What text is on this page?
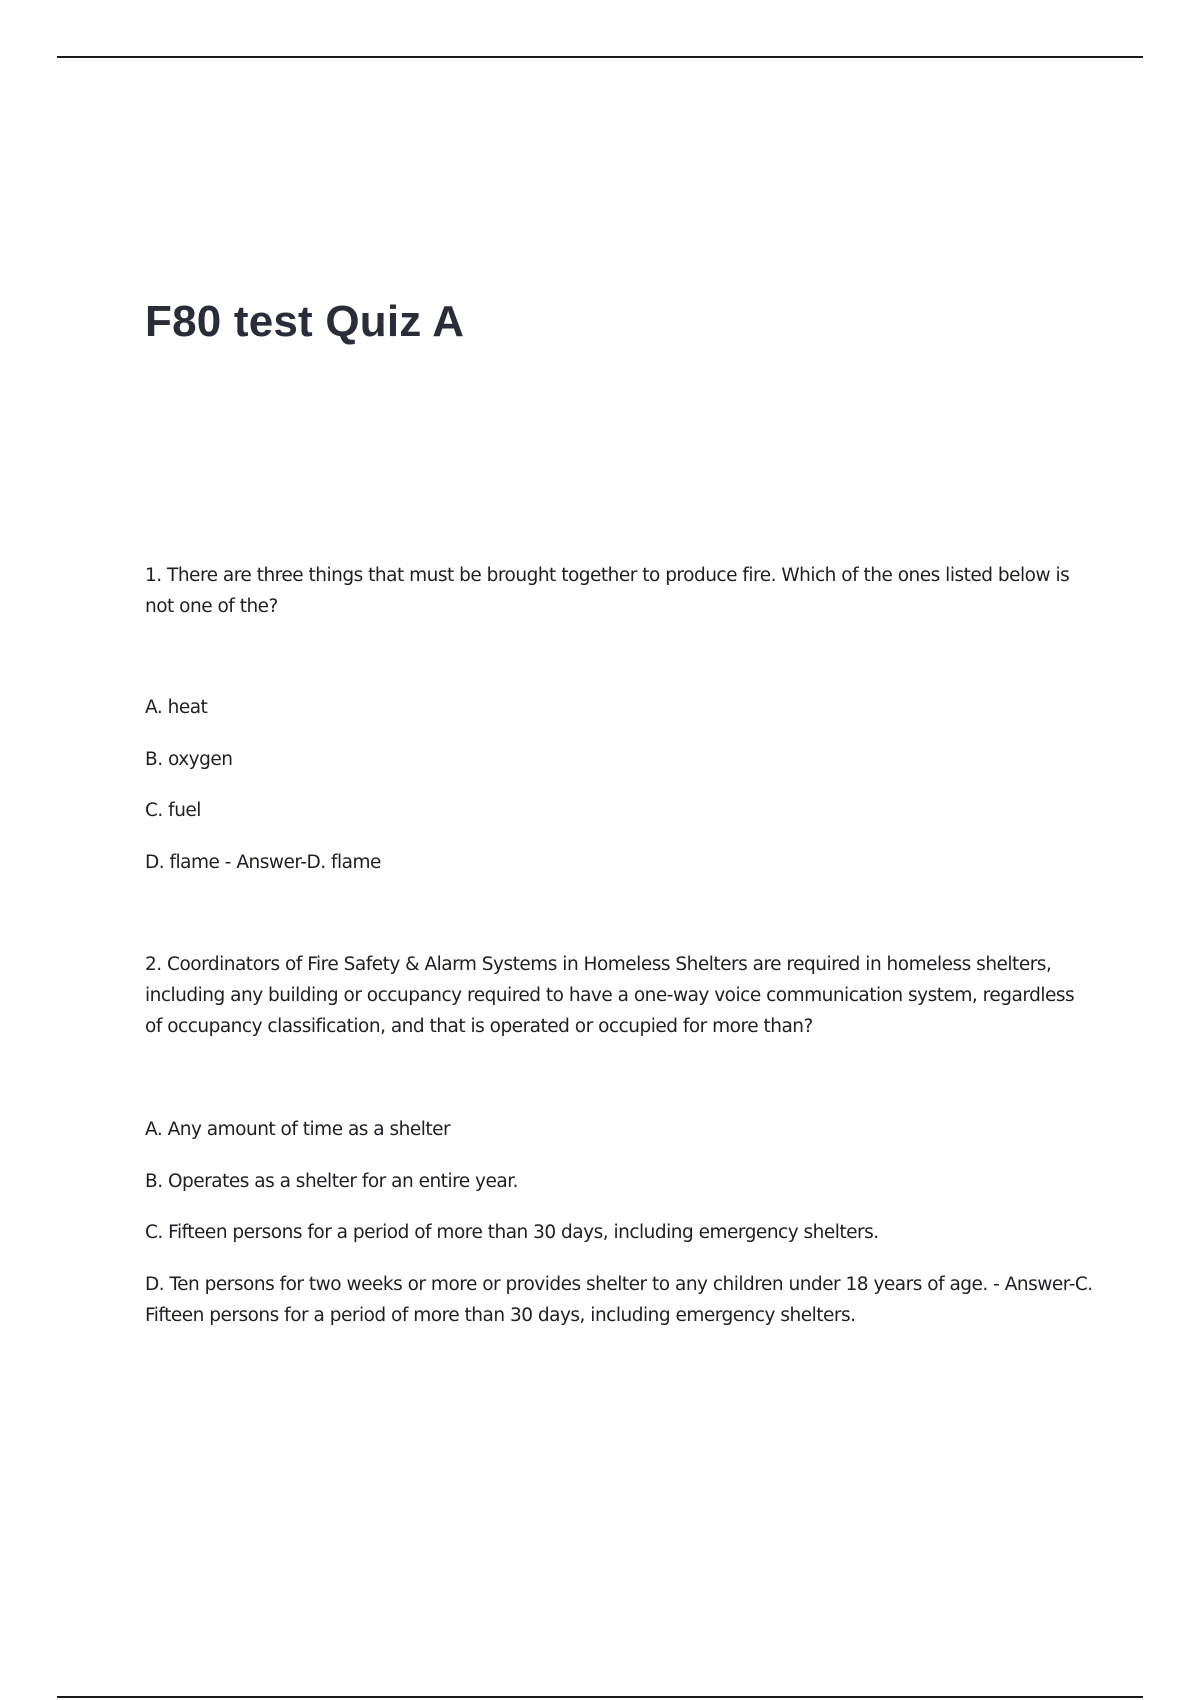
F80 test Quiz A

1. There are three things that must be brought together to produce fire. Which of the ones listed below is not one of the?

A. heat

B. oxygen

C. fuel

D. flame - Answer-D. flame

2. Coordinators of Fire Safety & Alarm Systems in Homeless Shelters are required in homeless shelters, including any building or occupancy required to have a one-way voice communication system, regardless of occupancy classification, and that is operated or occupied for more than?

A. Any amount of time as a shelter

B. Operates as a shelter for an entire year.

C. Fifteen persons for a period of more than 30 days, including emergency shelters.

D. Ten persons for two weeks or more or provides shelter to any children under 18 years of age. - Answer-C. Fifteen persons for a period of more than 30 days, including emergency shelters.
